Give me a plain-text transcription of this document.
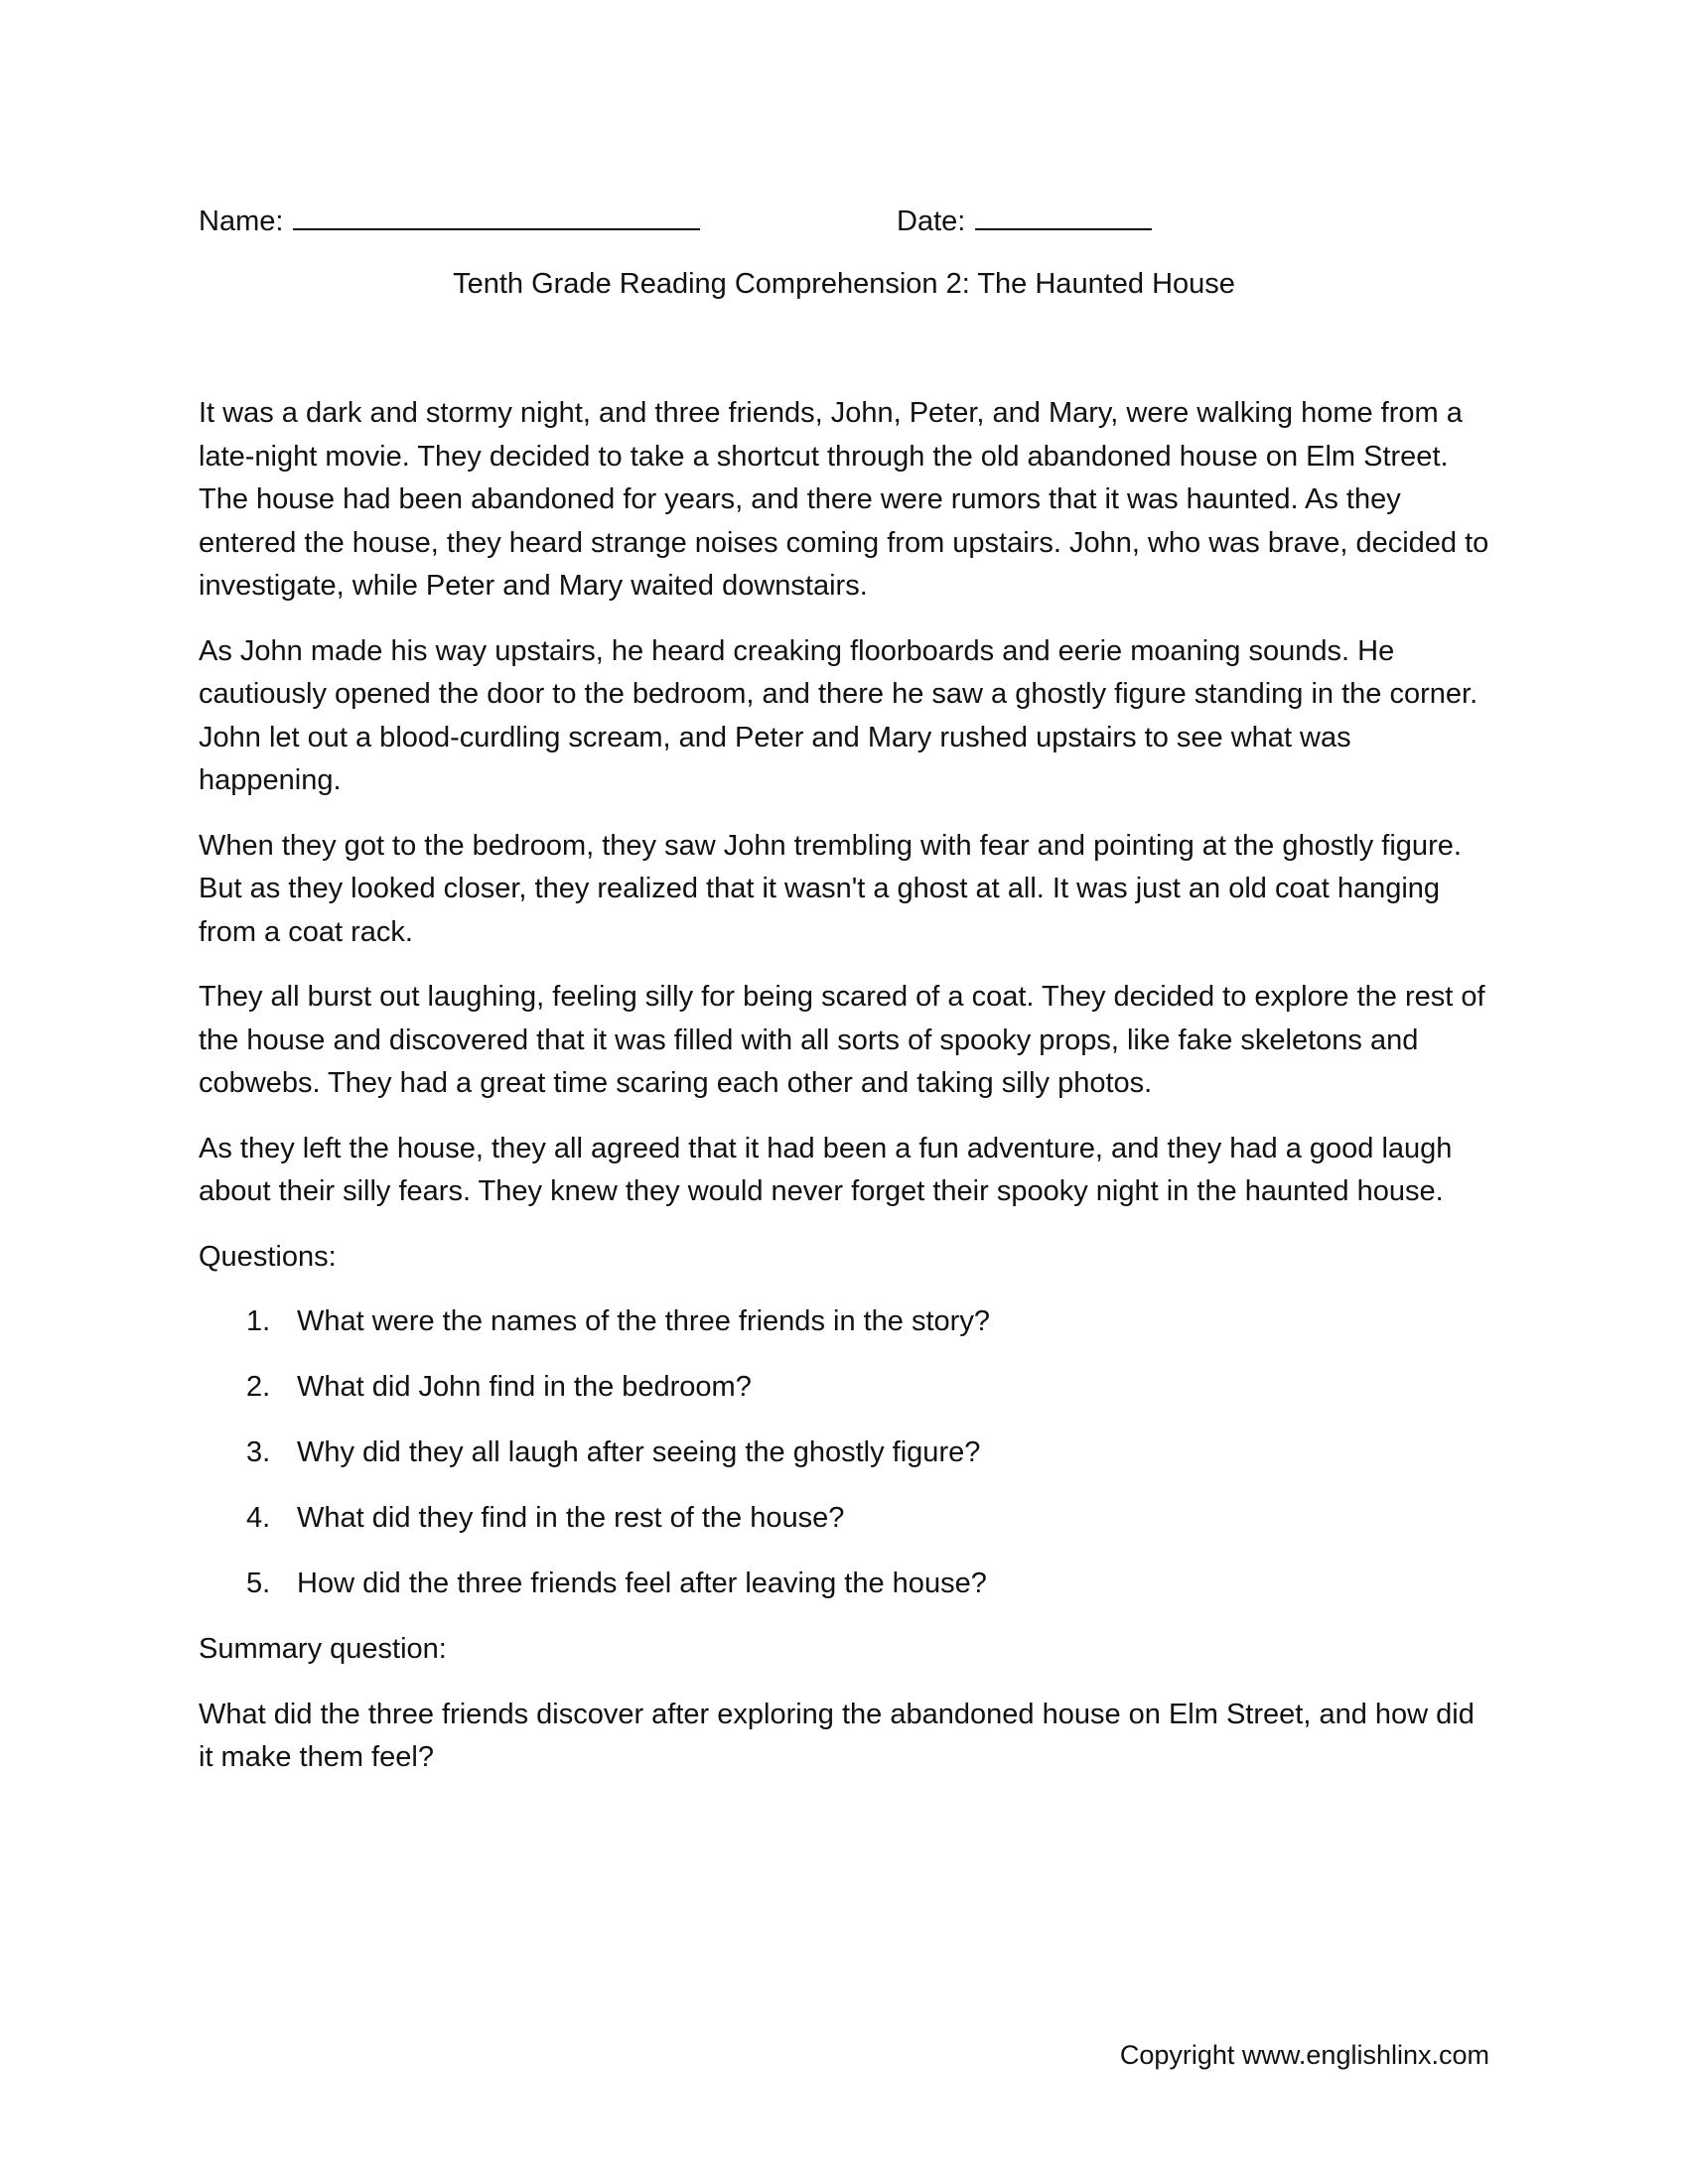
Name:	Date:
Tenth Grade Reading Comprehension 2: The Haunted House

It was a dark and stormy night, and three friends, John, Peter, and Mary, were walking home from a late-night movie. They decided to take a shortcut through the old abandoned house on Elm Street. The house had been abandoned for years, and there were rumors that it was haunted. As they entered the house, they heard strange noises coming from upstairs. John, who was brave, decided to investigate, while Peter and Mary waited downstairs.

As John made his way upstairs, he heard creaking floorboards and eerie moaning sounds. He cautiously opened the door to the bedroom, and there he saw a ghostly figure standing in the corner. John let out a blood-curdling scream, and Peter and Mary rushed upstairs to see what was happening.

When they got to the bedroom, they saw John trembling with fear and pointing at the ghostly figure. But as they looked closer, they realized that it wasn't a ghost at all. It was just an old coat hanging from a coat rack.

They all burst out laughing, feeling silly for being scared of a coat. They decided to explore the rest of the house and discovered that it was filled with all sorts of spooky props, like fake skeletons and cobwebs. They had a great time scaring each other and taking silly photos.

As they left the house, they all agreed that it had been a fun adventure, and they had a good laugh about their silly fears. They knew they would never forget their spooky night in the haunted house.

Questions:
1. What were the names of the three friends in the story?
2. What did John find in the bedroom?
3. Why did they all laugh after seeing the ghostly figure?
4. What did they find in the rest of the house?
5. How did the three friends feel after leaving the house?
Summary question:

What did the three friends discover after exploring the abandoned house on Elm Street, and how did it make them feel?

Copyright www.englishlinx.com
